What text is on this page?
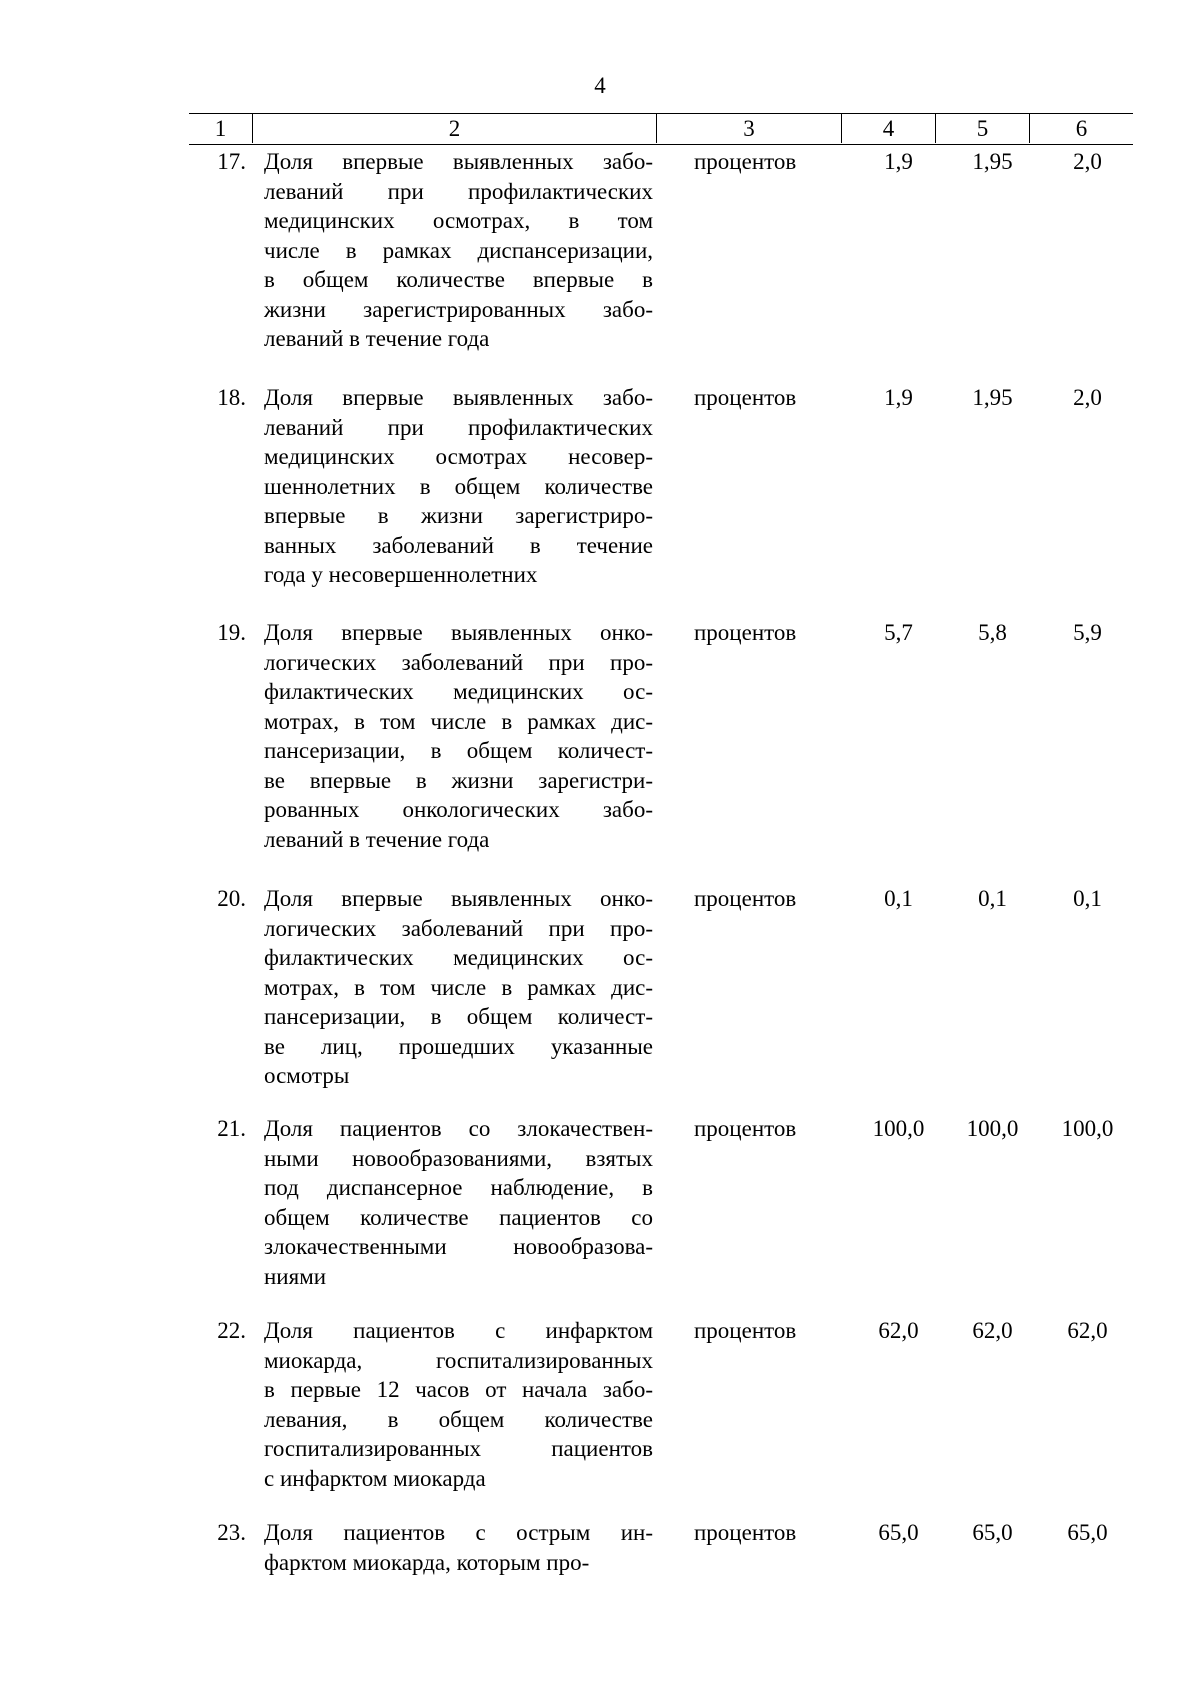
4
1	2	3	4	5	6
17. Доля впервые выявленных забо-
леваний при профилактических
медицинских осмотрах, в том
числе в рамках диспансеризации,
в общем количестве впервые в
жизни зарегистрированных забо-
леваний в течение года
процентов	1,9	1,95	2,0
18. Доля впервые выявленных забо-
леваний при профилактических
медицинских осмотрах несовер-
шеннолетних в общем количестве
впервые в жизни зарегистриро-
ванных заболеваний в течение
года у несовершеннолетних
процентов	1,9	1,95	2,0
19. Доля впервые выявленных онко-
логических заболеваний при про-
филактических медицинских ос-
мотрах, в том числе в рамках дис-
пансеризации, в общем количест-
ве впервые в жизни зарегистри-
рованных онкологических забо-
леваний в течение года
процентов	5,7	5,8	5,9
20. Доля впервые выявленных онко-
логических заболеваний при про-
филактических медицинских ос-
мотрах, в том числе в рамках дис-
пансеризации, в общем количест-
ве лиц, прошедших указанные
осмотры
процентов	0,1	0,1	0,1
21. Доля пациентов со злокачествен-
ными новообразованиями, взятых
под диспансерное наблюдение, в
общем количестве пациентов со
злокачественными новообразова-
ниями
процентов	100,0	100,0	100,0
22. Доля пациентов с инфарктом
миокарда, госпитализированных
в первые 12 часов от начала забо-
левания, в общем количестве
госпитализированных пациентов
с инфарктом миокарда
процентов	62,0	62,0	62,0
23. Доля пациентов с острым ин-
фарктом миокарда, которым про-
процентов	65,0	65,0	65,0
